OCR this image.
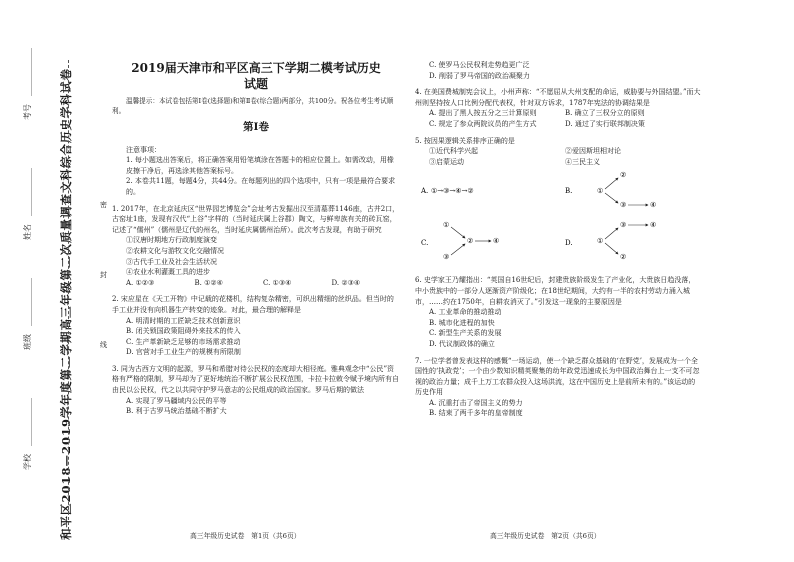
和平区2018—2019学年度第二学期高三年级第二次质量调查文科综合历史学科试卷
学校　____________
班级　____________
姓名　____________
考号　____________
密
封
线
2019届天津市和平区高三下学期二模考试历史
试题

温馨提示：本试卷包括第Ⅰ卷(选择题)和第Ⅱ卷(综合题)两部分，共100分。祝各位考生考试顺利。

第Ⅰ卷

注意事项：

1. 每小题选出答案后，将正确答案用铅笔填涂在答题卡的相应位置上。如需改动，用橡皮擦干净后，再选涂其他答案标号。

2. 本卷共11题，每题4分，共44分。在每题列出的四个选项中，只有一项是最符合要求的。

1. 2017年，在北京延庆区“世界园艺博览会”会址考古发掘出汉至清墓葬1146座，古井2口，古窑址1座，发现有汉代“上谷”字样的（当时延庆属上谷郡）陶文，与鲜卑族有关的砖瓦窑，记述了“儒州”（儒州是辽代的州名，当时延庆属儒州治所）。此次考古发现，有助于研究

①汉唐时期地方行政制度演变
②农耕文化与游牧文化交融情况
③古代手工业及社会生活状况
④农业水利灌溉工具的进步
A. ①②③	B. ①②④	C. ①③④	D. ②③④

2. 宋应星在《天工开物》中记载的花楼机，结构复杂精密，可织出精细的丝织品。但当时的手工业并没有向机器生产转变的迹象。对此，最合理的解释是

A. 明清时期的工匠缺乏技术创新意识
B. 闭关锁国政策阻碍外来技术的传入
C. 生产革新缺乏足够的市场需求推动
D. 官营对手工业生产的规模有所限制

3. 同为古西方文明的起源，罗马和希腊对待公民权的态度却大相径庭。雅典观念中“公民”资格有严格的限制，罗马却为了更好地统治不断扩展公民权范围，卡拉卡拉敕令赋予境内所有自由民以公民权，代之以共同守护罗马意志的公民组成的政治国家。罗马后期的做法

A. 实现了罗马疆域内公民的平等
B. 利于古罗马统治基础不断扩大
高三年级历史试卷　第1页（共6页）
C. 使罗马公民权利走势趋更广泛
D. 削弱了罗马帝国的政治凝聚力

4. 在美国费城制宪会议上，小州声称：“不愿屈从大州支配的命运，威胁要与外国结盟。”而大州则坚持按人口比例分配代表权，针对双方诉求，1787年宪法的协调结果是

A. 提出了黑人按五分之三计算原则	B. 确立了三权分立的原则
C. 规定了参众两院议员的产生方式	D. 通过了实行联邦制决策

5. 按因果逻辑关系排序正确的是

①近代科学兴起	②爱因斯坦相对论
③启蒙运动	④三民主义
A. ①→③→④→②	B.	①
②
③	④
C.
①
③
②	④	D.	①
③
②
④

6. 史学家王乃耀指出：“英国自16世纪后，封建贵族阶级发生了产业化，大贵族日趋没落，中小贵族中的一部分人逐渐资产阶级化；在18世纪期间，大约有一半的农村劳动力涌入城市，……约在1750年，自耕农消灭了。”引发这一现象的主要原因是

A. 工业革命的推动推动
B. 城市化进程的加快
C. 新型生产关系的发展
D. 代议制政体的确立

7. 一位学者曾发表这样的感慨“一场运动，使一个缺乏群众基础的‘在野党’，发展成为一个全国性的‘执政党’；一个由少数知识精英聚集的幼年政党迅速成长为中国政治舞台上一支不可忽视的政治力量；成千上万工农群众投入这场洪流，这在中国历史上是前所未有的。”该运动的历史作用

A. 沉重打击了帝国主义的势力
B. 结束了两千多年的皇帝制度
高三年级历史试卷　第2页（共6页）
